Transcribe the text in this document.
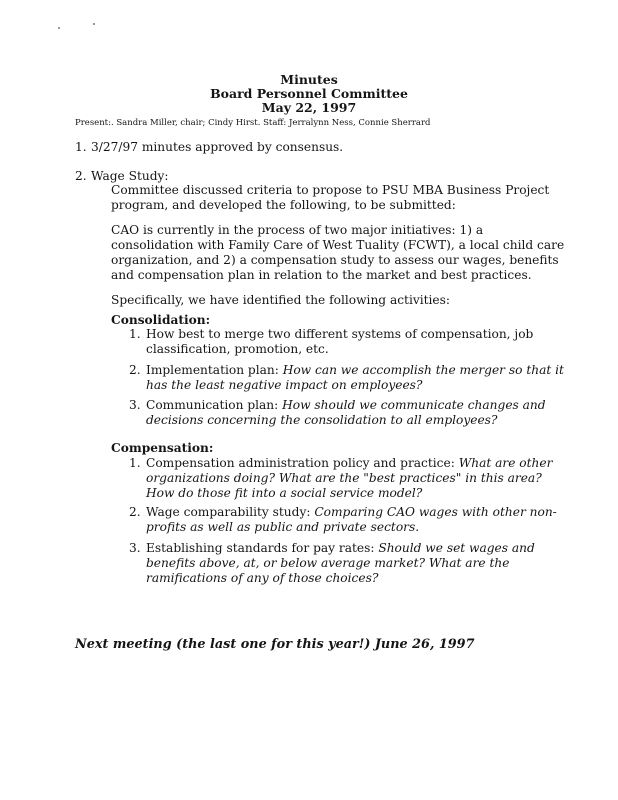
Minutes
Board Personnel Committee
May 22, 1997
Present:. Sandra Miller, chair; Cindy Hirst. Staff: Jerralynn Ness, Connie Sherrard
1. 3/27/97 minutes approved by consensus.
2. Wage Study:
Committee discussed criteria to propose to PSU MBA Business Project
program, and developed the following, to be submitted:
CAO is currently in the process of two major initiatives: 1) a
consolidation with Family Care of West Tuality (FCWT), a local child care
organization, and 2) a compensation study to assess our wages, benefits
and compensation plan in relation to the market and best practices.
Specifically, we have identified the following activities:
Consolidation:
1. How best to merge two different systems of compensation, job
classification, promotion, etc.
2. Implementation plan: How can we accomplish the merger so that it
has the least negative impact on employees?
3. Communication plan: How should we communicate changes and
decisions concerning the consolidation to all employees?
Compensation:
1. Compensation administration policy and practice: What are other
organizations doing? What are the "best practices" in this area?
How do those fit into a social service model?
2. Wage comparability study: Comparing CAO wages with other non-
profits as well as public and private sectors.
3. Establishing standards for pay rates: Should we set wages and
benefits above, at, or below average market? What are the
ramifications of any of those choices?
Next meeting (the last one for this year!) June 26, 1997
